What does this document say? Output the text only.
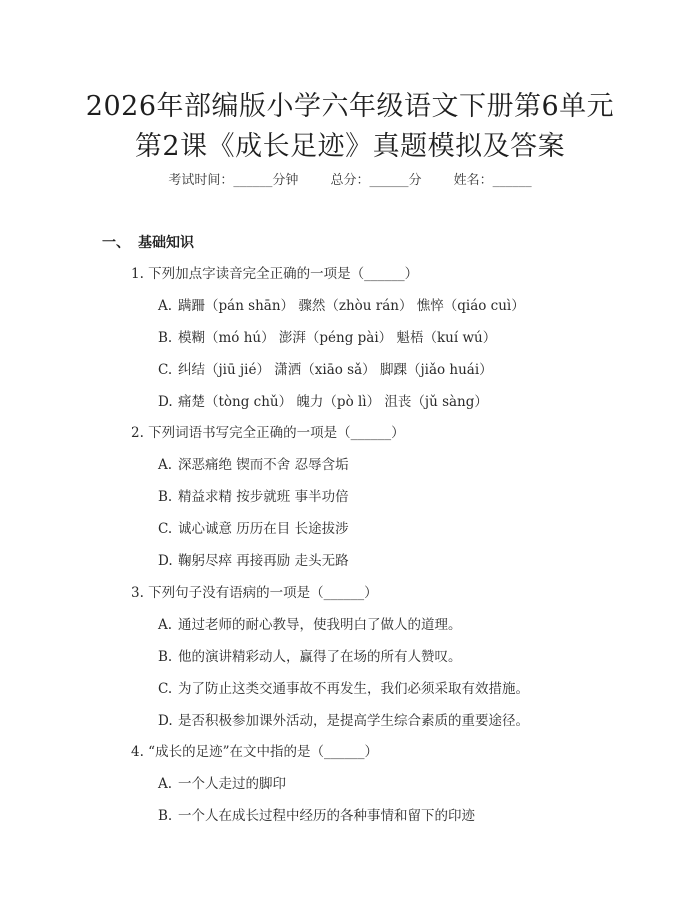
2026年部编版小学六年级语文下册第6单元
第2课《成长足迹》真题模拟及答案
考试时间：______分钟 总分：______分 姓名：______
一、 基础知识
1. 下列加点字读音完全正确的一项是（______）
A. 蹒跚（pán shān） 骤然（zhòu rán） 憔悴（qiáo cuì）
B. 模糊（mó hú） 澎湃（péng pài） 魁梧（kuí wú）
C. 纠结（jiū jié） 潇洒（xiāo sǎ） 脚踝（jiǎo huái）
D. 痛楚（tòng chǔ） 魄力（pò lì） 沮丧（jǔ sàng）
2. 下列词语书写完全正确的一项是（______）
A. 深恶痛绝 锲而不舍 忍辱含垢
B. 精益求精 按步就班 事半功倍
C. 诚心诚意 历历在目 长途拔涉
D. 鞠躬尽瘁 再接再励 走头无路
3. 下列句子没有语病的一项是（______）
A. 通过老师的耐心教导，使我明白了做人的道理。
B. 他的演讲精彩动人，赢得了在场的所有人赞叹。
C. 为了防止这类交通事故不再发生，我们必须采取有效措施。
D. 是否积极参加课外活动，是提高学生综合素质的重要途径。
4. “成长的足迹”在文中指的是（______）
A. 一个人走过的脚印
B. 一个人在成长过程中经历的各种事情和留下的印迹
